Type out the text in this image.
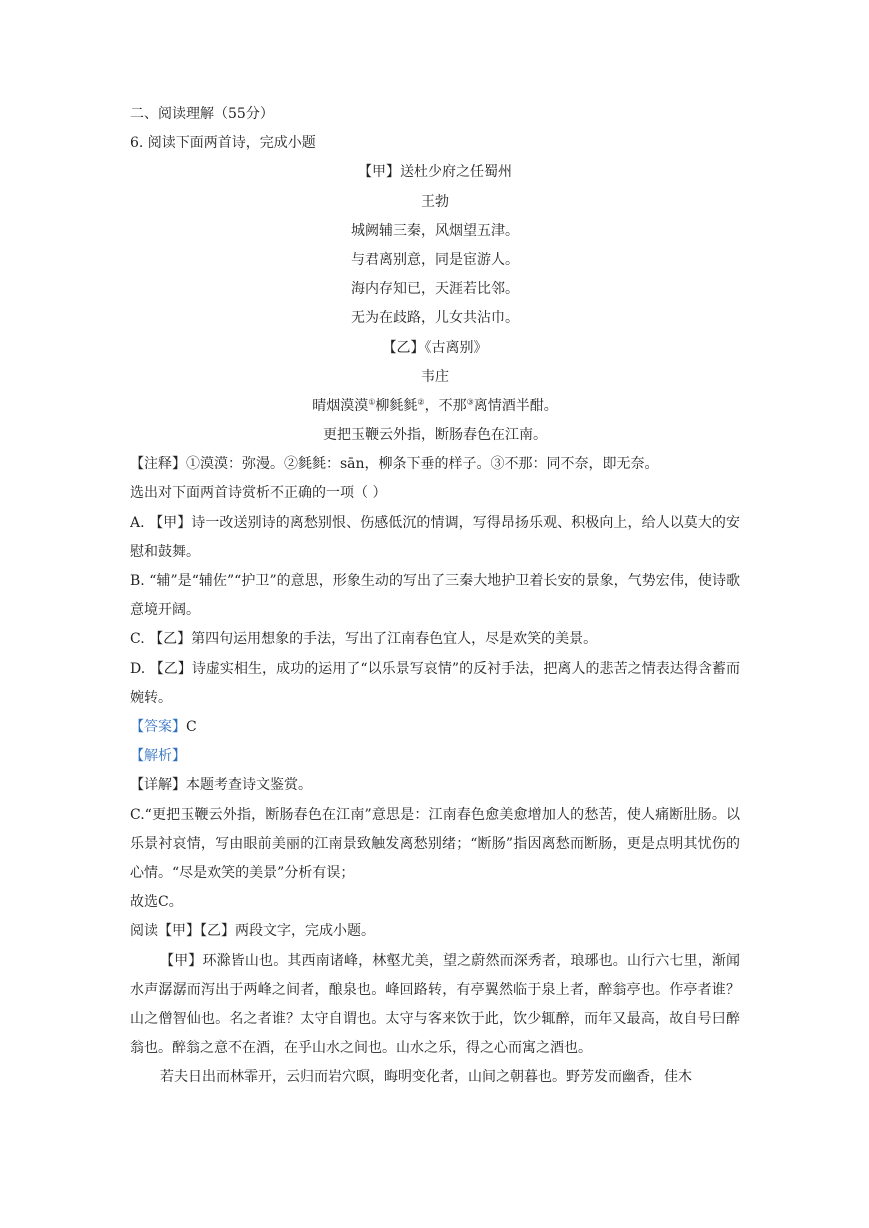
二、阅读理解（55分）
6. 阅读下面两首诗，完成小题
【甲】送杜少府之任蜀州
王勃
城阙辅三秦，风烟望五津。
与君离别意，同是宦游人。
海内存知已，天涯若比邻。
无为在歧路，儿女共沾巾。
【乙】《古离别》
韦庄
晴烟漠漠①柳毵毵②，不那③离情酒半酣。
更把玉鞭云外指，断肠春色在江南。
【注释】①漠漠：弥漫。②毵毵：sān，柳条下垂的样子。③不那：同不奈，即无奈。
选出对下面两首诗赏析不正确的一项（ ）
A. 【甲】诗一改送别诗的离愁别恨、伤感低沉的情调，写得昂扬乐观、积极向上，给人以莫大的安慰和鼓舞。
B. “辅”是“辅佐”“护卫”的意思，形象生动的写出了三秦大地护卫着长安的景象，气势宏伟，使诗歌意境开阔。
C. 【乙】第四句运用想象的手法，写出了江南春色宜人，尽是欢笑的美景。
D. 【乙】诗虚实相生，成功的运用了“以乐景写哀情”的反衬手法，把离人的悲苦之情表达得含蓄而婉转。
【答案】C
【解析】
【详解】本题考查诗文鉴赏。
C.“更把玉鞭云外指，断肠春色在江南”意思是：江南春色愈美愈增加人的愁苦，使人痛断肚肠。以乐景衬哀情，写由眼前美丽的江南景致触发离愁别绪；“断肠”指因离愁而断肠，更是点明其忧伤的心情。“尽是欢笑的美景”分析有误；
故选C。
阅读【甲】【乙】两段文字，完成小题。
【甲】环滁皆山也。其西南诸峰，林壑尤美，望之蔚然而深秀者，琅琊也。山行六七里，渐闻水声潺潺而泻出于两峰之间者，酿泉也。峰回路转，有亭翼然临于泉上者，醉翁亭也。作亭者谁？山之僧智仙也。名之者谁？太守自谓也。太守与客来饮于此，饮少辄醉，而年又最高，故自号曰醉翁也。醉翁之意不在酒，在乎山水之间也。山水之乐，得之心而寓之酒也。
若夫日出而林霏开，云归而岩穴暝，晦明变化者，山间之朝暮也。野芳发而幽香，佳木
